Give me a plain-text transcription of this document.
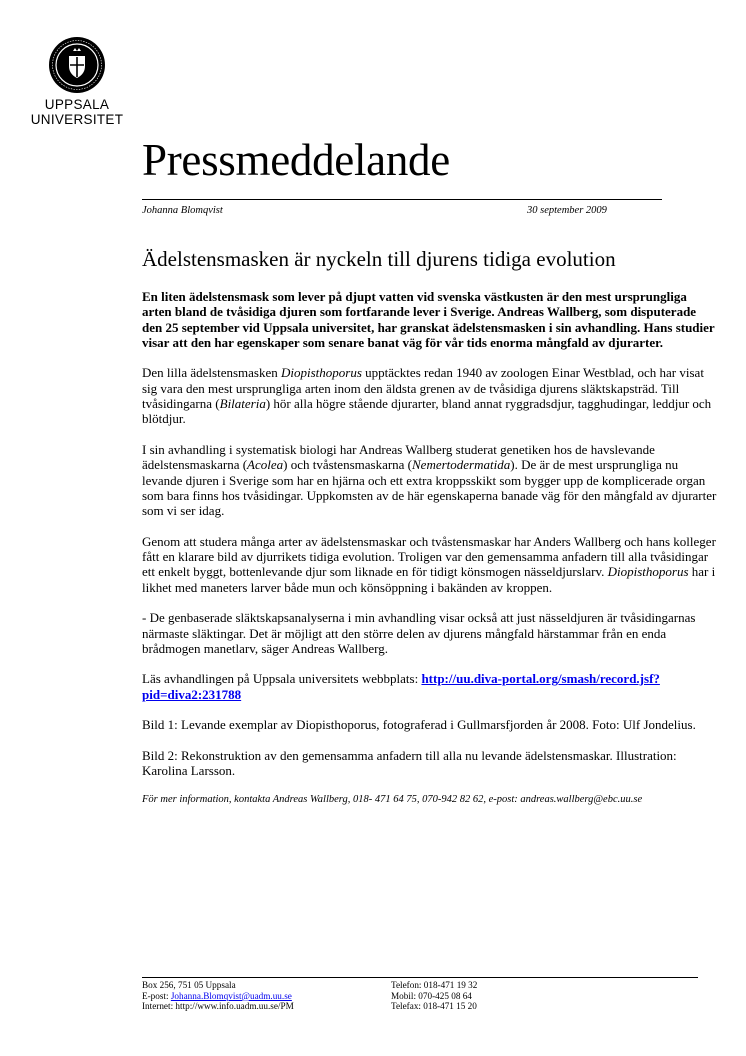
UPPSALA
UNIVERSITET
Pressmeddelande
Johanna Blomqvist	30 september 2009
Ädelstensmasken är nyckeln till djurens tidiga evolution

En liten ädelstensmask som lever på djupt vatten vid svenska västkusten är den mest ursprungliga arten bland de tvåsidiga djuren som fortfarande lever i Sverige. Andreas Wallberg, som disputerade den 25 september vid Uppsala universitet, har granskat ädelstensmasken i sin avhandling. Hans studier visar att den har egenskaper som senare banat väg för vår tids enorma mångfald av djurarter.

Den lilla ädelstensmasken Diopisthoporus upptäcktes redan 1940 av zoologen Einar Westblad, och har visat sig vara den mest ursprungliga arten inom den äldsta grenen av de tvåsidiga djurens släktskapsträd. Till tvåsidingarna (Bilateria) hör alla högre stående djurarter, bland annat ryggradsdjur, tagghudingar, leddjur och blötdjur.

I sin avhandling i systematisk biologi har Andreas Wallberg studerat genetiken hos de havslevande ädelstensmaskarna (Acolea) och tvåstensmaskarna (Nemertodermatida). De är de mest ursprungliga nu levande djuren i Sverige som har en hjärna och ett extra kroppsskikt som bygger upp de komplicerade organ som bara finns hos tvåsidingar. Uppkomsten av de här egenskaperna banade väg för den mångfald av djurarter som vi ser idag.

Genom att studera många arter av ädelstensmaskar och tvåstensmaskar har Anders Wallberg och hans kolleger fått en klarare bild av djurrikets tidiga evolution. Troligen var den gemensamma anfadern till alla tvåsidingar ett enkelt byggt, bottenlevande djur som liknade en för tidigt könsmogen nässeldjurslarv. Diopisthoporus har i likhet med maneters larver både mun och könsöppning i bakänden av kroppen.

- De genbaserade släktskapsanalyserna i min avhandling visar också att just nässeldjuren är tvåsidingarnas närmaste släktingar. Det är möjligt att den större delen av djurens mångfald härstammar från en enda brådmogen manetlarv, säger Andreas Wallberg.

Läs avhandlingen på Uppsala universitets webbplats: http://uu.diva-portal.org/smash/record.jsf?pid=diva2:231788

Bild 1: Levande exemplar av Diopisthoporus, fotograferad i Gullmarsfjorden år 2008. Foto: Ulf Jondelius.

Bild 2: Rekonstruktion av den gemensamma anfadern till alla nu levande ädelstensmaskar. Illustration: Karolina Larsson.

För mer information, kontakta Andreas Wallberg, 018- 471 64 75, 070-942 82 62, e-post: andreas.wallberg@ebc.uu.se

Box 256, 751 05 Uppsala
E-post: Johanna.Blomqvist@uadm.uu.se
Internet: http://www.info.uadm.uu.se/PM
Telefon: 018-471 19 32
Mobil: 070-425 08 64
Telefax: 018-471 15 20
